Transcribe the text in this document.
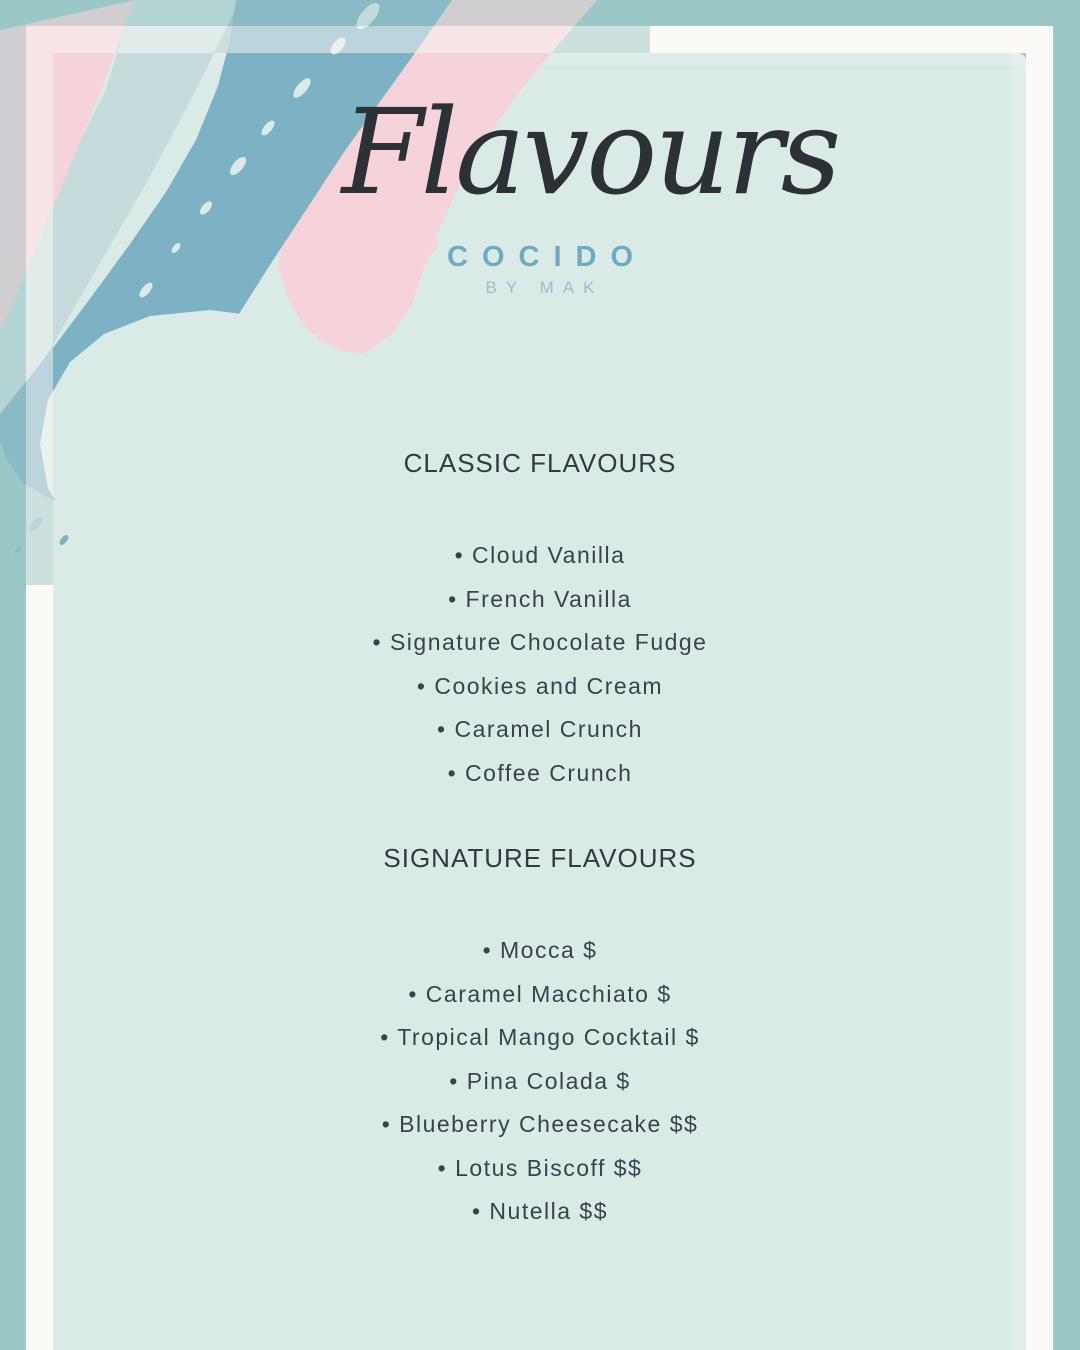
Flavours
COCIDO
BY MAK
CLASSIC FLAVOURS
• Cloud Vanilla
• French Vanilla
• Signature Chocolate Fudge
• Cookies and Cream
• Caramel Crunch
• Coffee Crunch
SIGNATURE FLAVOURS
• Mocca $
• Caramel Macchiato $
• Tropical Mango Cocktail $
• Pina Colada $
• Blueberry Cheesecake $$
• Lotus Biscoff $$
• Nutella $$
